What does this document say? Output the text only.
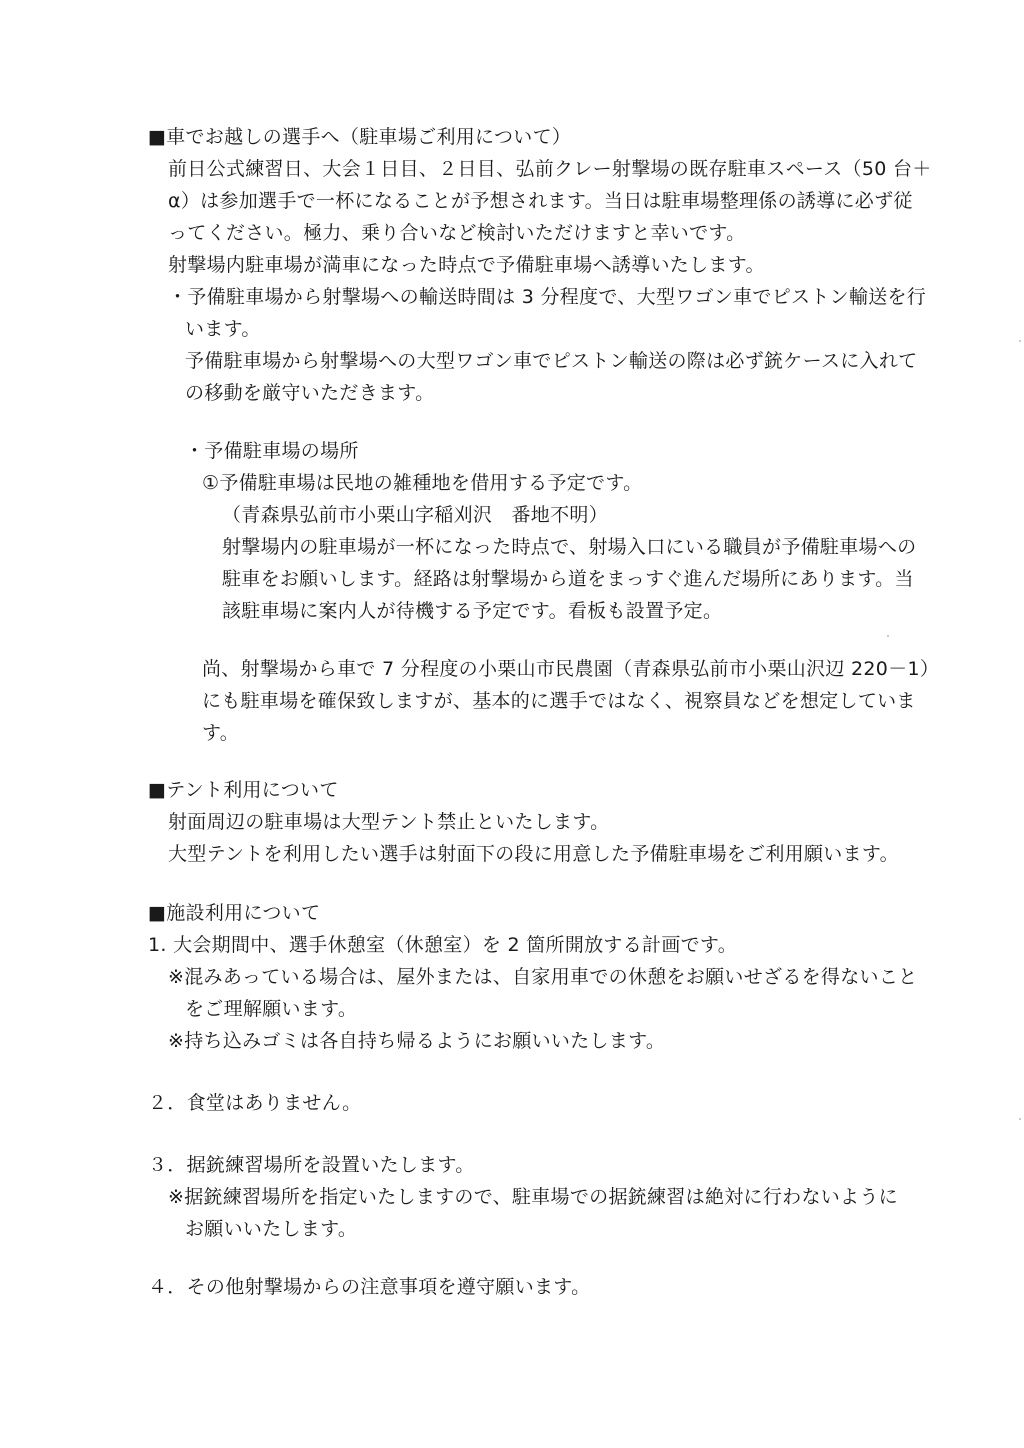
■車でお越しの選手へ（駐車場ご利用について）
前日公式練習日、大会１日目、２日目、弘前クレー射撃場の既存駐車スペース（50 台＋
α）は参加選手で一杯になることが予想されます。当日は駐車場整理係の誘導に必ず従
ってください。極力、乗り合いなど検討いただけますと幸いです。
射撃場内駐車場が満車になった時点で予備駐車場へ誘導いたします。
・予備駐車場から射撃場への輸送時間は 3 分程度で、大型ワゴン車でピストン輸送を行
います。
予備駐車場から射撃場への大型ワゴン車でピストン輸送の際は必ず銃ケースに入れて
の移動を厳守いただきます。
・予備駐車場の場所
①予備駐車場は民地の雑種地を借用する予定です。
（青森県弘前市小栗山字稲刈沢　番地不明）
射撃場内の駐車場が一杯になった時点で、射場入口にいる職員が予備駐車場への
駐車をお願いします。経路は射撃場から道をまっすぐ進んだ場所にあります。当
該駐車場に案内人が待機する予定です。看板も設置予定。
尚、射撃場から車で 7 分程度の小栗山市民農園（青森県弘前市小栗山沢辺 220－1）
にも駐車場を確保致しますが、基本的に選手ではなく、視察員などを想定していま
す。
■テント利用について
射面周辺の駐車場は大型テント禁止といたします。
大型テントを利用したい選手は射面下の段に用意した予備駐車場をご利用願います。
■施設利用について
1. 大会期間中、選手休憩室（休憩室）を 2 箇所開放する計画です。
※混みあっている場合は、屋外または、自家用車での休憩をお願いせざるを得ないこと
をご理解願います。
※持ち込みゴミは各自持ち帰るようにお願いいたします。
２．食堂はありません。
３．据銃練習場所を設置いたします。
※据銃練習場所を指定いたしますので、駐車場での据銃練習は絶対に行わないように
お願いいたします。
４．その他射撃場からの注意事項を遵守願います。
